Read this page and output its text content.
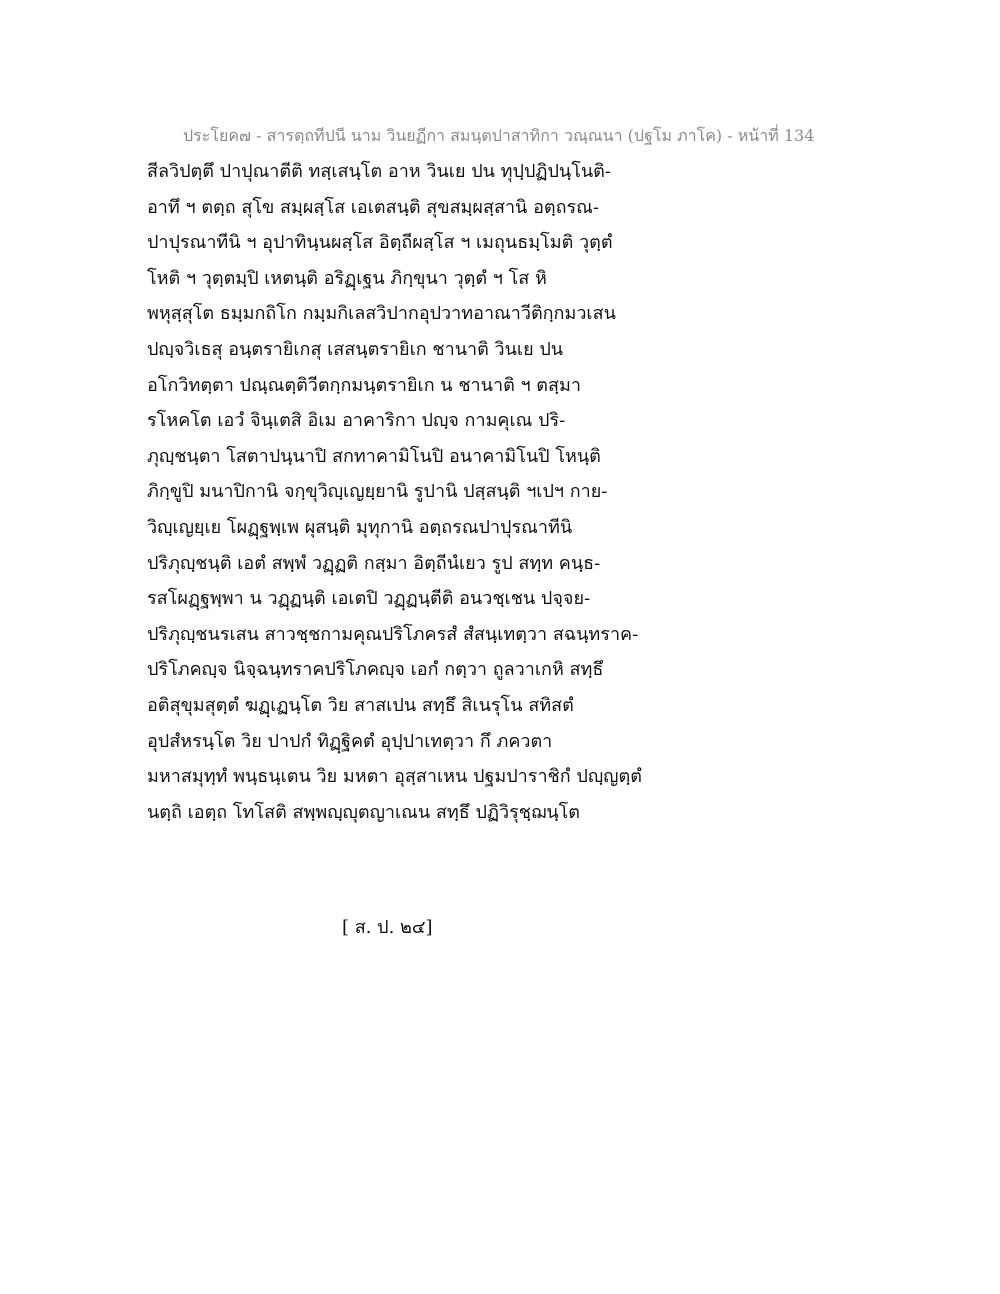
ประโยค๗ - สารตฺถทีปนี นาม วินยฏีกา สมนฺตปาสาทิกา วณฺณนา (ปฐโม ภาโค) - หน้าที่ 134
สีลวิปตฺตึ ปาปุณาตีติ ทสฺเสนฺโต อาห วินเย ปน ทุปฺปฏิปนฺโนติ-
อาทึ ฯ ตตฺถ สุโข สมฺผสฺโส เอเตสนฺติ สุขสมฺผสฺสานิ อตฺถรณ-
ปาปุรณาทีนิ ฯ อุปาทินฺนผสฺโส อิตฺถีผสฺโส ฯ เมถุนธมฺโมติ วุตฺตํ
โหติ ฯ วุตฺตมฺปิ เหตนฺติ อริฏฺเฐน ภิกฺขุนา วุตฺตํ ฯ โส หิ
พหุสฺสุโต ธมฺมกถิโก กมฺมกิเลสวิปากอุปวาทอาณาวีติกฺกมวเสน
ปญฺจวิเธสุ อนฺตรายิเกสุ เสสนฺตรายิเก ชานาติ วินเย ปน
อโกวิทตฺตา ปณฺณตฺติวีตกฺกมนฺตรายิเก น ชานาติ ฯ ตสฺมา
รโหคโต เอวํ จินฺเตสิ อิเม อาคาริกา ปญฺจ กามคุเณ ปริ-
ภุญฺชนฺตา โสตาปนฺนาปิ สกทาคามิโนปิ อนาคามิโนปิ โหนฺติ
ภิกฺขูปิ มนาปิกานิ จกฺขุวิญฺเญยฺยานิ รูปานิ ปสฺสนฺติ ฯเปฯ กาย-
วิญฺเญยฺเย โผฏฺฐพฺเพ ผุสนฺติ มุทุกานิ อตฺถรณปาปุรณาทีนิ
ปริภุญฺชนฺติ เอตํ สพฺพํ วฏฺฏติ กสฺมา อิตฺถีนํเยว รูป สทฺท คนฺธ-
รสโผฏฺฐพฺพา น วฏฺฏนฺติ เอเตปิ วฏฺฏนฺตีติ อนวชฺเชน ปจฺจย-
ปริภุญฺชนรเสน สาวชฺชกามคุณปริโภครสํ สํสนฺเทตฺวา สฉนฺทราค-
ปริโภคญฺจ นิจฺฉนฺทราคปริโภคญฺจ เอกํ กตฺวา ถูลวาเกหิ สทฺธึ
อติสุขุมสุตฺตํ ฆฏฺเฏนฺโต วิย สาสเปน สทฺธึ สิเนรุโน สทิสตํ
อุปสํหรนฺโต วิย ปาปกํ ทิฏฺฐิคตํ อุปฺปาเทตฺวา กึ ภควตา
มหาสมุทฺทํ พนฺธนฺเตน วิย มหตา อุสฺสาเหน ปฐมปาราชิกํ ปญฺญตฺตํ
นตฺถิ เอตฺถ โทโสติ สพฺพญฺญุตญาเณน สทฺธึ ปฏิวิรุชฺฌนฺโต
[ ส. ป. ๒๔]
